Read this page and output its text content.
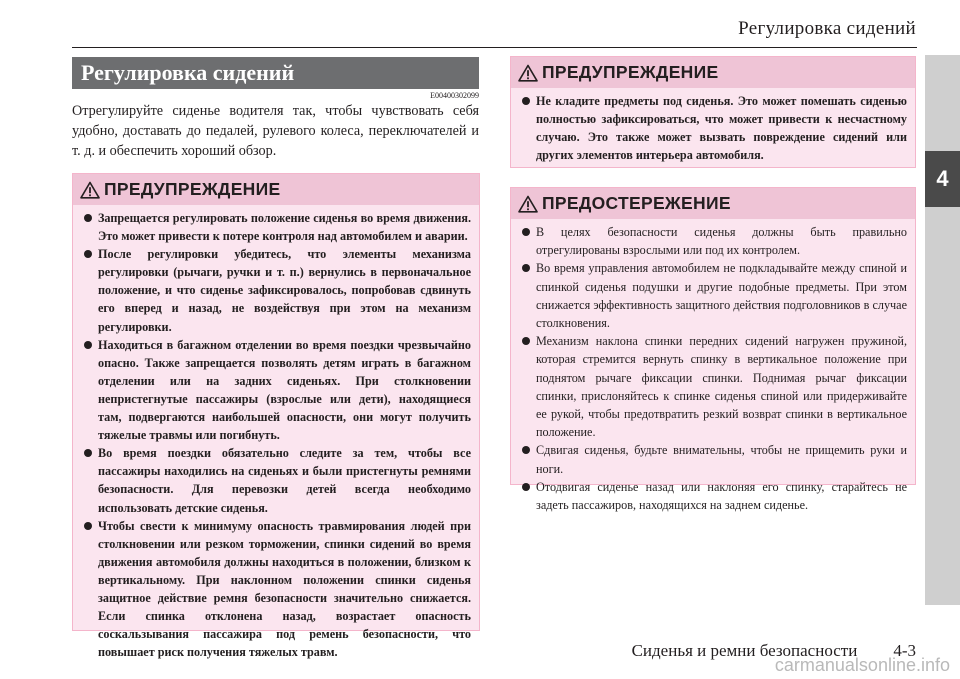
Регулировка сидений
4
Регулировка сидений
E00400302099

Отрегулируйте сиденье водителя так, чтобы чувствовать себя удобно, доставать до педалей, рулевого колеса, переключателей и т. д. и обеспечить хороший обзор.

ПРЕДУПРЕЖДЕНИЕ
Запрещается регулировать положение сиденья во время движения. Это может привести к потере контроля над автомобилем и аварии.
После регулировки убедитесь, что элементы механизма регулировки (рычаги, ручки и т. п.) вернулись в первоначальное положение, и что сиденье зафиксировалось, попробовав сдвинуть его вперед и назад, не воздействуя при этом на механизм регулировки.
Находиться в багажном отделении во время поездки чрезвычайно опасно. Также запрещается позволять детям играть в багажном отделении или на задних сиденьях. При столкновении непристегнутые пассажиры (взрослые или дети), находящиеся там, подвергаются наибольшей опасности, они могут получить тяжелые травмы или погибнуть.
Во время поездки обязательно следите за тем, чтобы все пассажиры находились на сиденьях и были пристегнуты ремнями безопасности. Для перевозки детей всегда необходимо использовать детские сиденья.
Чтобы свести к минимуму опасность травмирования людей при столкновении или резком торможении, спинки сидений во время движения автомобиля должны находиться в положении, близком к вертикальному. При наклонном положении спинки сиденья защитное действие ремня безопасности значительно снижается. Если спинка отклонена назад, возрастает опасность соскальзывания пассажира под ремень безопасности, что повышает риск получения тяжелых травм.
ПРЕДУПРЕЖДЕНИЕ
Не кладите предметы под сиденья. Это может помешать сиденью полностью зафиксироваться, что может привести к несчастному случаю. Это также может вызвать повреждение сидений или других элементов интерьера автомобиля.
ПРЕДОСТЕРЕЖЕНИЕ
В целях безопасности сиденья должны быть правильно отрегулированы взрослыми или под их контролем.
Во время управления автомобилем не подкладывайте между спиной и спинкой сиденья подушки и другие подобные предметы. При этом снижается эффективность защитного действия подголовников в случае столкновения.
Механизм наклона спинки передних сидений нагружен пружиной, которая стремится вернуть спинку в вертикальное положение при поднятом рычаге фиксации спинки. Поднимая рычаг фиксации спинки, прислоняйтесь к спинке сиденья спиной или придерживайте ее рукой, чтобы предотвратить резкий возврат спинки в вертикальное положение.
Сдвигая сиденья, будьте внимательны, чтобы не прищемить руки и ноги.
Отодвигая сиденье назад или наклоняя его спинку, старайтесь не задеть пассажиров, находящихся на заднем сиденье.
Сиденья и ремни безопасности 4-3
carmanualsonline.info
